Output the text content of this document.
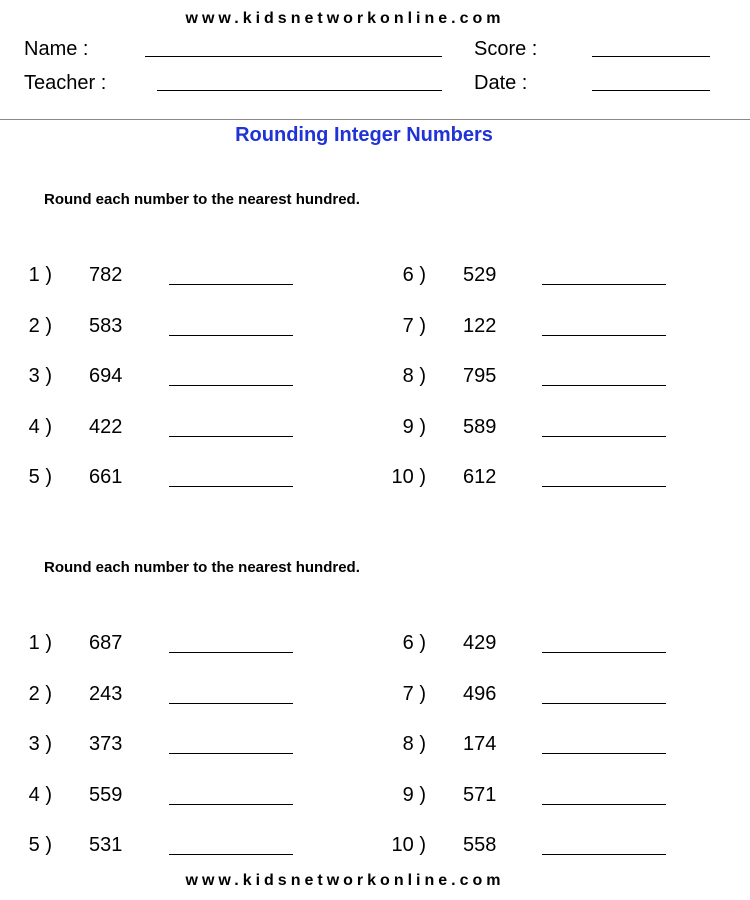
www.kidsnetworkonline.com
Name :	Score :
Teacher :	Date :
Rounding Integer Numbers
Round each number to the nearest hundred.
1 ) 782
2 ) 583
3 ) 694
4 ) 422
5 ) 661
6 ) 529
7 ) 122
8 ) 795
9 ) 589
10 ) 612
Round each number to the nearest hundred.
1 ) 687
2 ) 243
3 ) 373
4 ) 559
5 ) 531
6 ) 429
7 ) 496
8 ) 174
9 ) 571
10 ) 558
www.kidsnetworkonline.com
